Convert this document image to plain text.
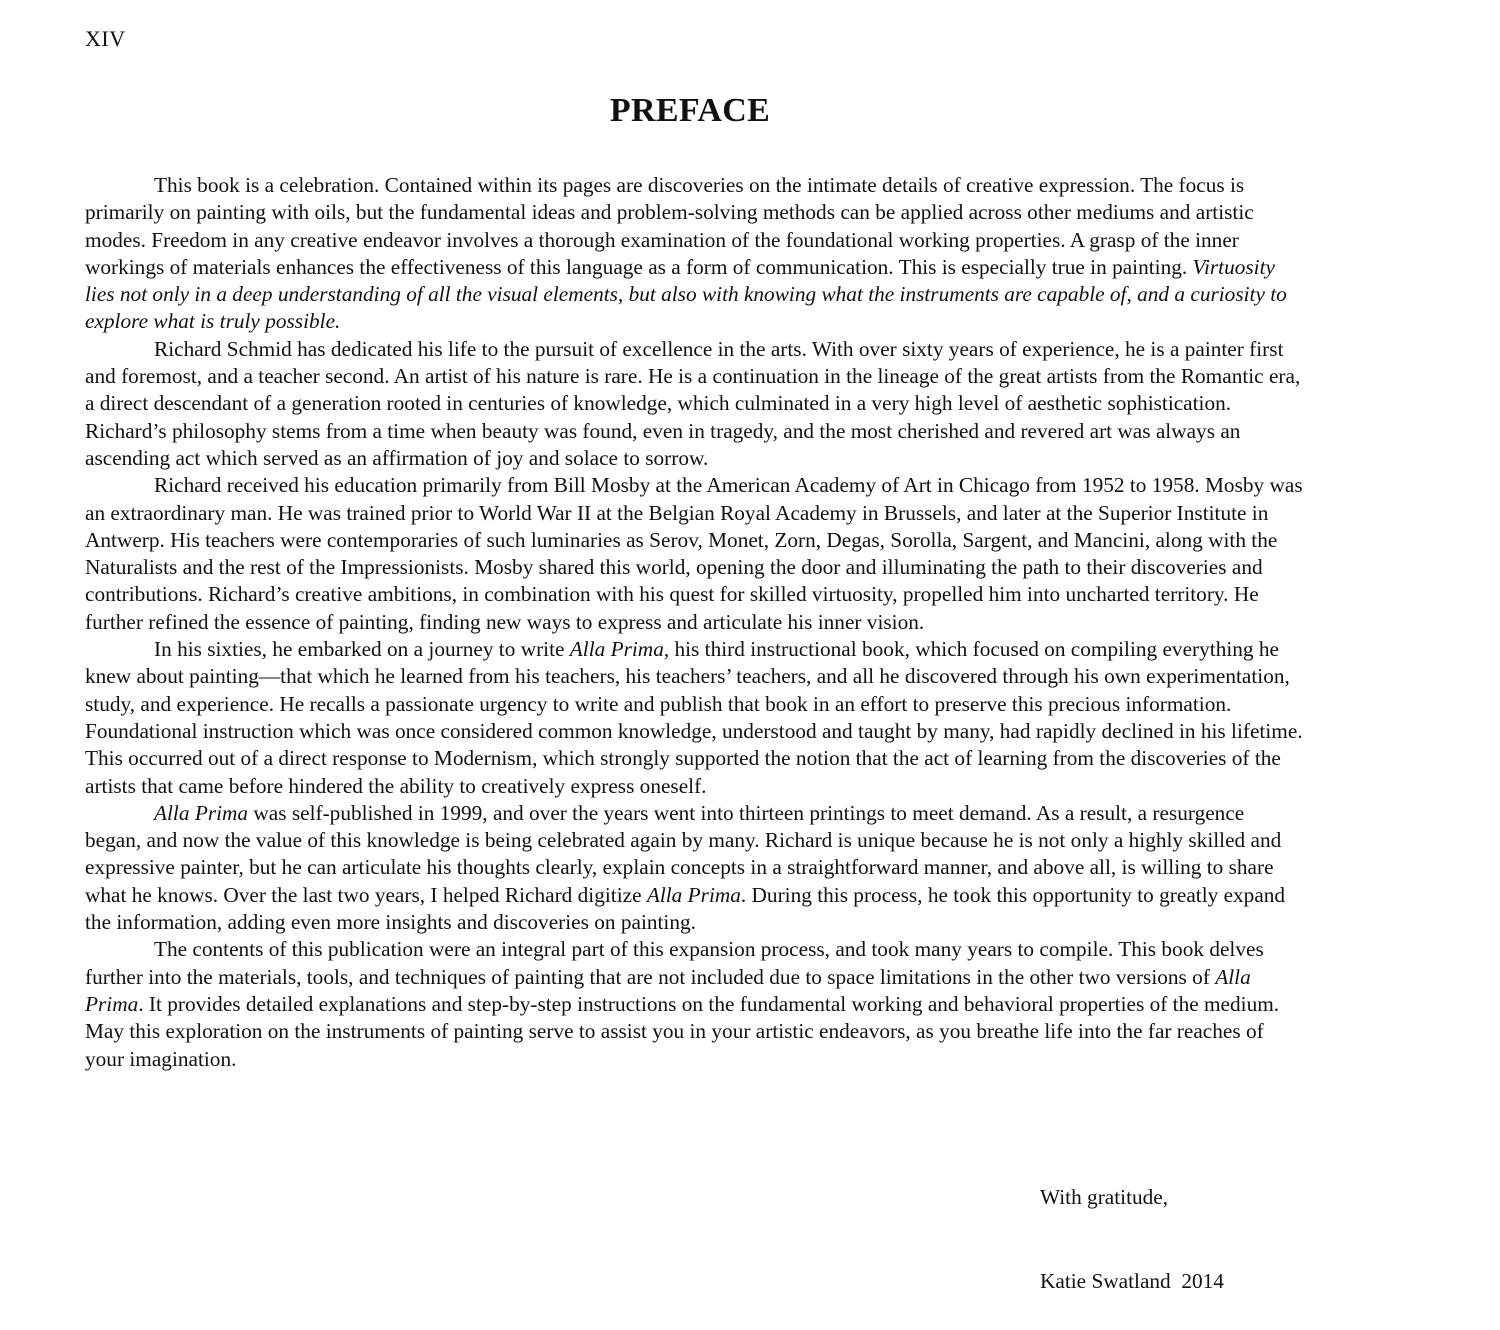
XIV
PREFACE

This book is a celebration. Contained within its pages are discoveries on the intimate details of creative expression. The focus is primarily on painting with oils, but the fundamental ideas and problem-solving methods can be applied across other mediums and artistic modes. Freedom in any creative endeavor involves a thorough examination of the foundational working properties. A grasp of the inner workings of materials enhances the effectiveness of this language as a form of communication. This is especially true in painting. Virtuosity lies not only in a deep understanding of all the visual elements, but also with knowing what the instruments are capable of, and a curiosity to explore what is truly possible.

Richard Schmid has dedicated his life to the pursuit of excellence in the arts. With over sixty years of experience, he is a painter first and foremost, and a teacher second. An artist of his nature is rare. He is a continuation in the lineage of the great artists from the Romantic era, a direct descendant of a generation rooted in centuries of knowledge, which culminated in a very high level of aesthetic sophistication. Richard’s philosophy stems from a time when beauty was found, even in tragedy, and the most cherished and revered art was always an ascending act which served as an affirmation of joy and solace to sorrow.

Richard received his education primarily from Bill Mosby at the American Academy of Art in Chicago from 1952 to 1958. Mosby was an extraordinary man. He was trained prior to World War II at the Belgian Royal Academy in Brussels, and later at the Superior Institute in Antwerp. His teachers were contemporaries of such luminaries as Serov, Monet, Zorn, Degas, Sorolla, Sargent, and Mancini, along with the Naturalists and the rest of the Impressionists. Mosby shared this world, opening the door and illuminating the path to their discoveries and contributions. Richard’s creative ambitions, in combination with his quest for skilled virtuosity, propelled him into uncharted territory. He further refined the essence of painting, finding new ways to express and articulate his inner vision.

In his sixties, he embarked on a journey to write Alla Prima, his third instructional book, which focused on compiling everything he knew about painting—that which he learned from his teachers, his teachers’ teachers, and all he discovered through his own experimentation, study, and experience. He recalls a passionate urgency to write and publish that book in an effort to preserve this precious information. Foundational instruction which was once considered common knowledge, understood and taught by many, had rapidly declined in his lifetime. This occurred out of a direct response to Modernism, which strongly supported the notion that the act of learning from the discoveries of the artists that came before hindered the ability to creatively express oneself.

Alla Prima was self-published in 1999, and over the years went into thirteen printings to meet demand. As a result, a resurgence began, and now the value of this knowledge is being celebrated again by many. Richard is unique because he is not only a highly skilled and expressive painter, but he can articulate his thoughts clearly, explain concepts in a straightforward manner, and above all, is willing to share what he knows. Over the last two years, I helped Richard digitize Alla Prima. During this process, he took this opportunity to greatly expand the information, adding even more insights and discoveries on painting.

The contents of this publication were an integral part of this expansion process, and took many years to compile. This book delves further into the materials, tools, and techniques of painting that are not included due to space limitations in the other two versions of Alla Prima. It provides detailed explanations and step-by-step instructions on the fundamental working and behavioral properties of the medium. May this exploration on the instruments of painting serve to assist you in your artistic endeavors, as you breathe life into the far reaches of your imagination.

With gratitude,

Katie Swatland  2014
